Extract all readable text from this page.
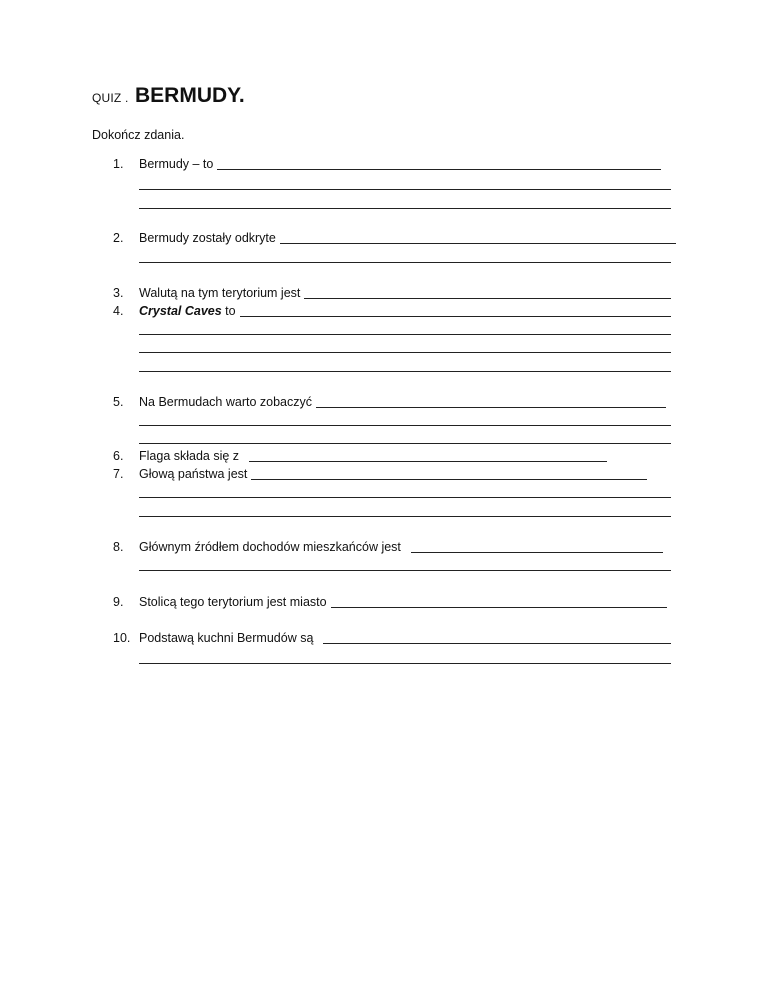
QUIZ . BERMUDY.
Dokończ zdania.
1.	Bermudy – to
2.	Bermudy zostały odkryte
3.	Walutą na tym terytorium jest
4.	Crystal Caves to
5.	Na Bermudach warto zobaczyć
6.	Flaga składa się z
7.	Głową państwa jest
8.	Głównym źródłem dochodów mieszkańców jest
9.	Stolicą tego terytorium jest miasto
10. Podstawą kuchni Bermudów są
